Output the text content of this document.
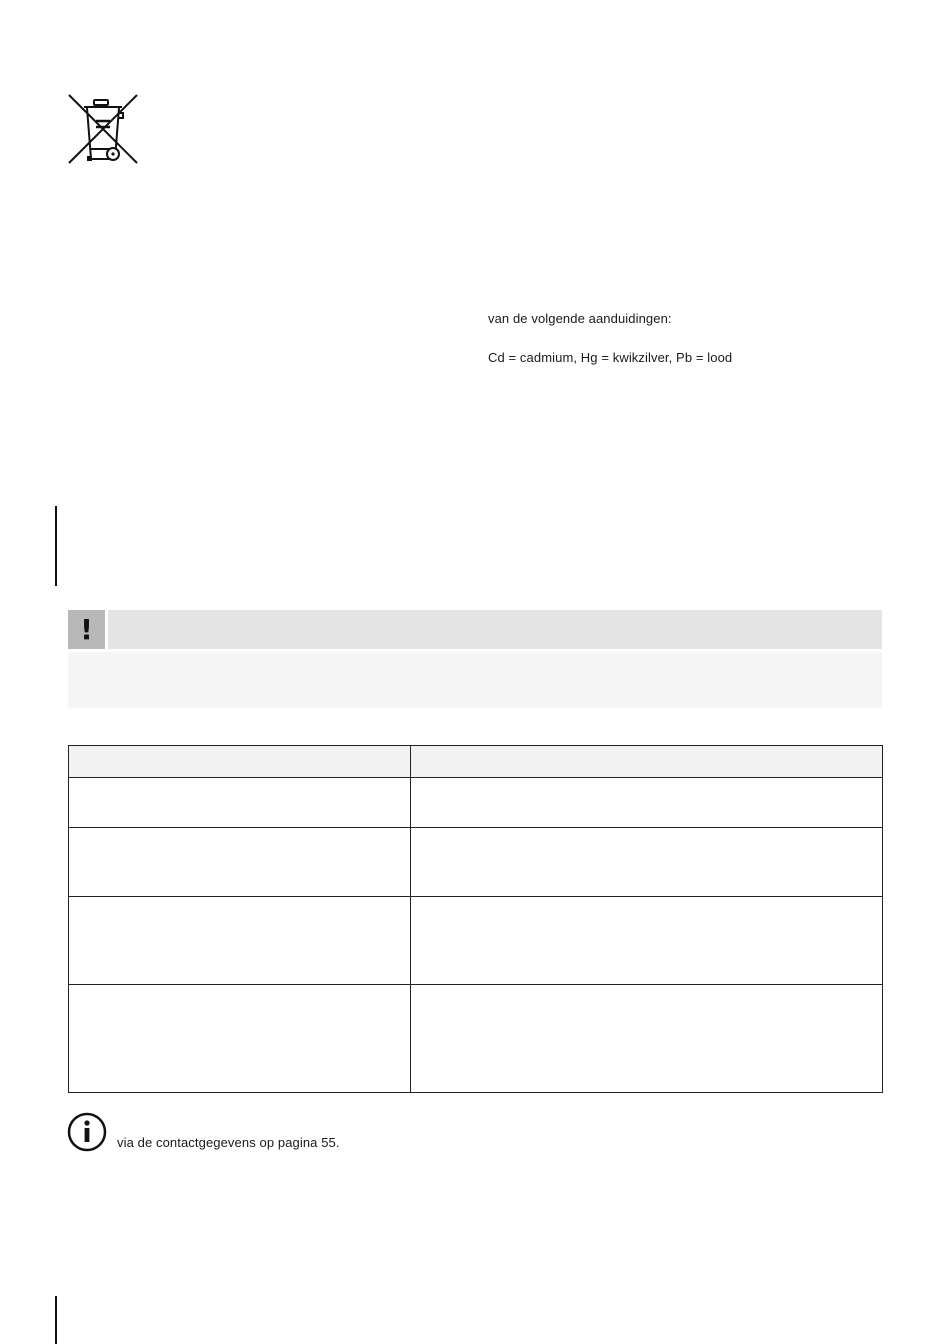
van de volgende aanduidingen:
Cd = cadmium, Hg = kwikzilver, Pb = lood
!

via de contactgegevens op pagina 55.
